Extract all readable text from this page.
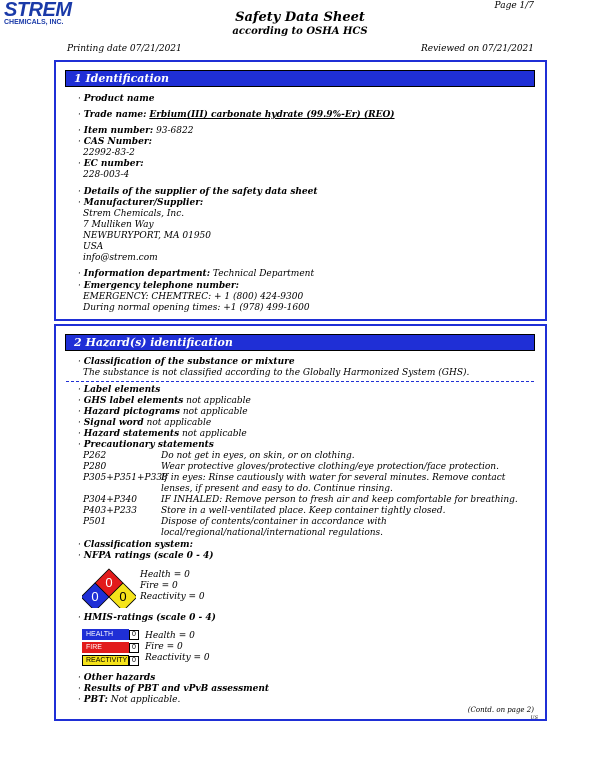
STREM
CHEMICALS, INC.	Safety Data Sheet
according to OSHA HCS
Page 1/7
Printing date 07/21/2021	Reviewed on 07/21/2021
1 Identification
· Product name
· Trade name: Erbium(III) carbonate hydrate (99.9%-Er) (REO)
· Item number: 93-6822
· CAS Number:
22992-83-2
· EC number:
228-003-4
· Details of the supplier of the safety data sheet
· Manufacturer/Supplier:
Strem Chemicals, Inc.
7 Mulliken Way
NEWBURYPORT, MA 01950
USA
info@strem.com
· Information department: Technical Department
· Emergency telephone number:
EMERGENCY: CHEMTREC: + 1 (800) 424-9300
During normal opening times: +1 (978) 499-1600
2 Hazard(s) identification
· Classification of the substance or mixture
The substance is not classified according to the Globally Harmonized System (GHS).
· Label elements
· GHS label elements not applicable
· Hazard pictograms not applicable
· Signal word not applicable
· Hazard statements not applicable
· Precautionary statements
P262	Do not get in eyes, on skin, or on clothing.
P280	Wear protective gloves/protective clothing/eye protection/face protection.
P305+P351+P338
If in eyes: Rinse cautiously with water for several minutes. Remove contact lenses, if present and easy to do. Continue rinsing.
P304+P340	IF INHALED: Remove person to fresh air and keep comfortable for breathing.
P403+P233	Store in a well-ventilated place. Keep container tightly closed.
P501	Dispose of contents/container in accordance with local/regional/national/international regulations.
· Classification system:
· NFPA ratings (scale 0 - 4)
0
0 0
Health = 0
Fire = 0
Reactivity = 0
· HMIS-ratings (scale 0 - 4)
HEALTH	0
FIRE	0
REACTIVITY 0
Health = 0
Fire = 0
Reactivity = 0
· Other hazards
· Results of PBT and vPvB assessment
· PBT: Not applicable.
(Contd. on page 2)
US
